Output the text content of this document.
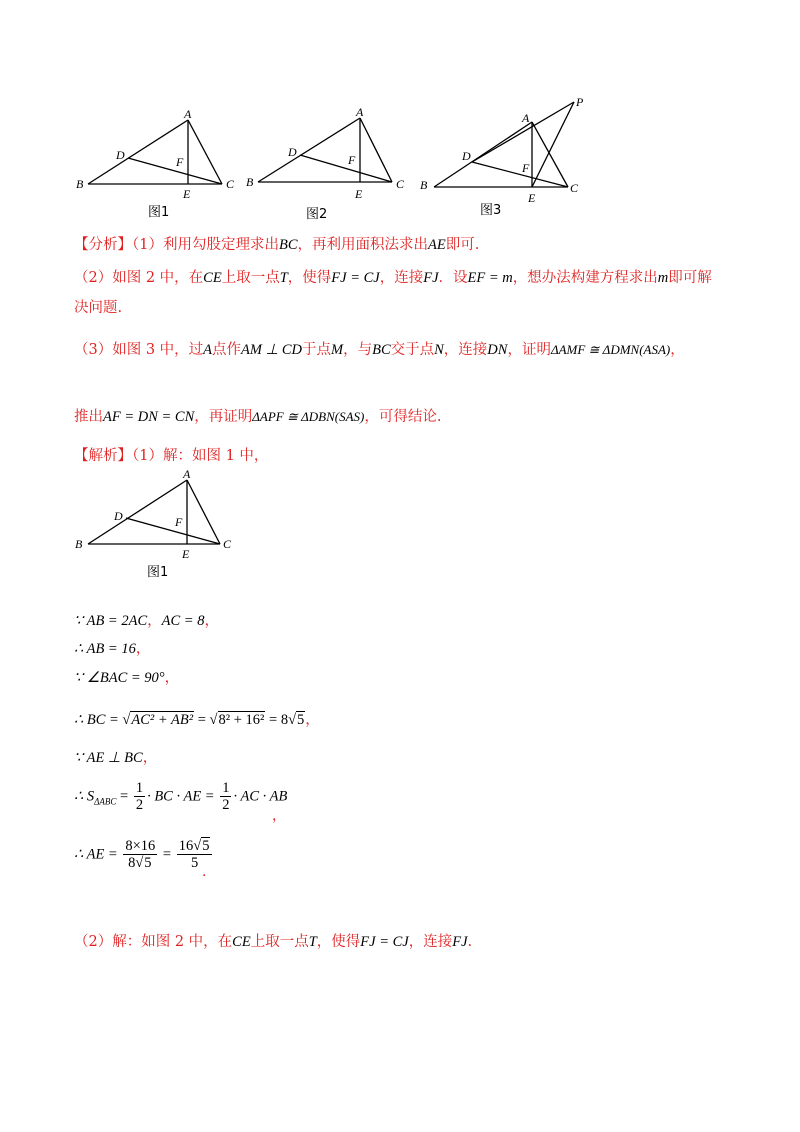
B	C
A
D	F
E
图1
B	C
A
D
F
E
图2
B	C
A
P
D
F
E
图3
【分析】（1）利用勾股定理求出BC，再利用面积法求出AE即可.
（2）如图 2 中，在CE上取一点T，使得FJ = CJ，连接FJ．设EF = m，想办法构建方程求出m即可解
决问题.
（3）如图 3 中，过A点作AM ⊥ CD于点M，与BC交于点N，连接DN，证明ΔAMF ≅ ΔDMN(ASA)，
推出AF = DN = CN，再证明ΔAPF ≅ ΔDBN(SAS)，可得结论.
【解析】（1）解：如图 1 中，
B	C
A
D	F
E
图1
∵ AB = 2AC，AC = 8，
∴ AB = 16，
∵ ∠BAC = 90°，
∴ BC = √AC² + AB² = √8² + 16² = 8√5，
∵ AE ⊥ BC，
∴ $S_{\Delta ABC} = \frac{1}{2}$ · BC · AE = $\frac{1}{2}$ · AC · AB
，
∴ AE = $\frac{8\times 16}{8√5} = \frac{16√5}{5}$
.
（2）解：如图 2 中，在CE上取一点T，使得FJ = CJ，连接FJ.
